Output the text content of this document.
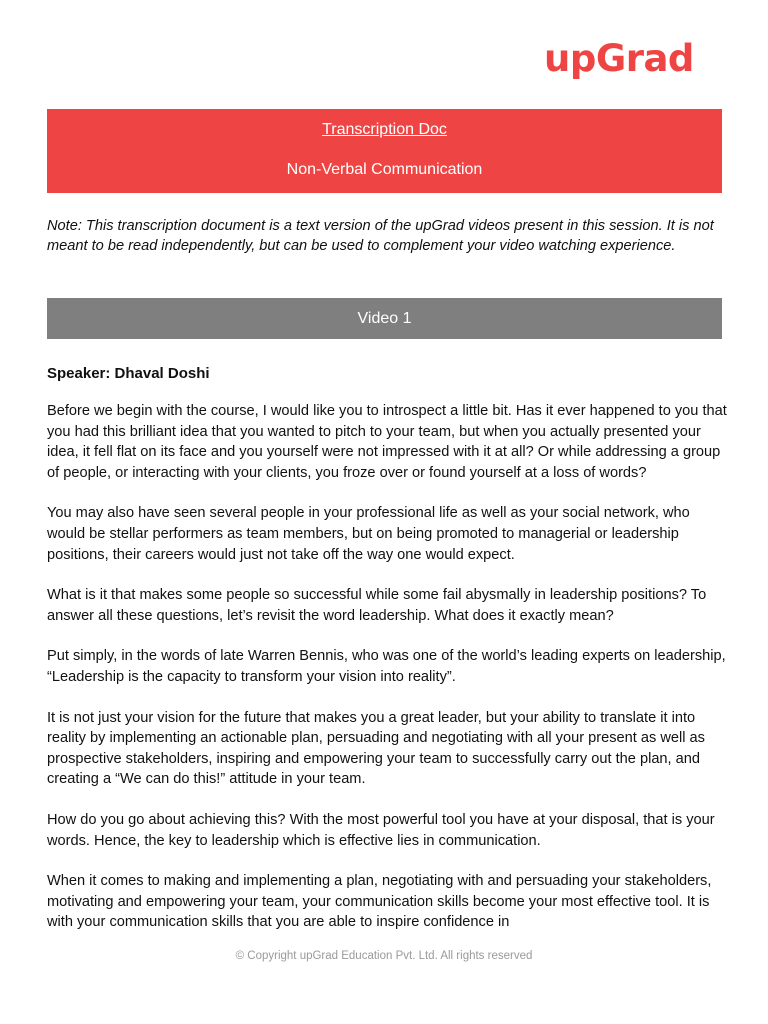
upGrad
Transcription Doc
Non-Verbal Communication
Note: This transcription document is a text version of the upGrad videos present in this session. It is not meant to be read independently, but can be used to complement your video watching experience.
Video 1
Speaker: Dhaval Doshi

Before we begin with the course, I would like you to introspect a little bit. Has it ever happened to you that you had this brilliant idea that you wanted to pitch to your team, but when you actually presented your idea, it fell flat on its face and you yourself were not impressed with it at all? Or while addressing a group of people, or interacting with your clients, you froze over or found yourself at a loss of words?

You may also have seen several people in your professional life as well as your social network, who would be stellar performers as team members, but on being promoted to managerial or leadership positions, their careers would just not take off the way one would expect.

What is it that makes some people so successful while some fail abysmally in leadership positions? To answer all these questions, let’s revisit the word leadership. What does it exactly mean?

Put simply, in the words of late Warren Bennis, who was one of the world’s leading experts on leadership, “Leadership is the capacity to transform your vision into reality”.

It is not just your vision for the future that makes you a great leader, but your ability to translate it into reality by implementing an actionable plan, persuading and negotiating with all your present as well as prospective stakeholders, inspiring and empowering your team to successfully carry out the plan, and creating a “We can do this!” attitude in your team.

How do you go about achieving this? With the most powerful tool you have at your disposal, that is your words. Hence, the key to leadership which is effective lies in communication.

When it comes to making and implementing a plan, negotiating with and persuading your stakeholders, motivating and empowering your team, your communication skills become your most effective tool. It is with your communication skills that you are able to inspire confidence in

© Copyright upGrad Education Pvt. Ltd. All rights reserved
